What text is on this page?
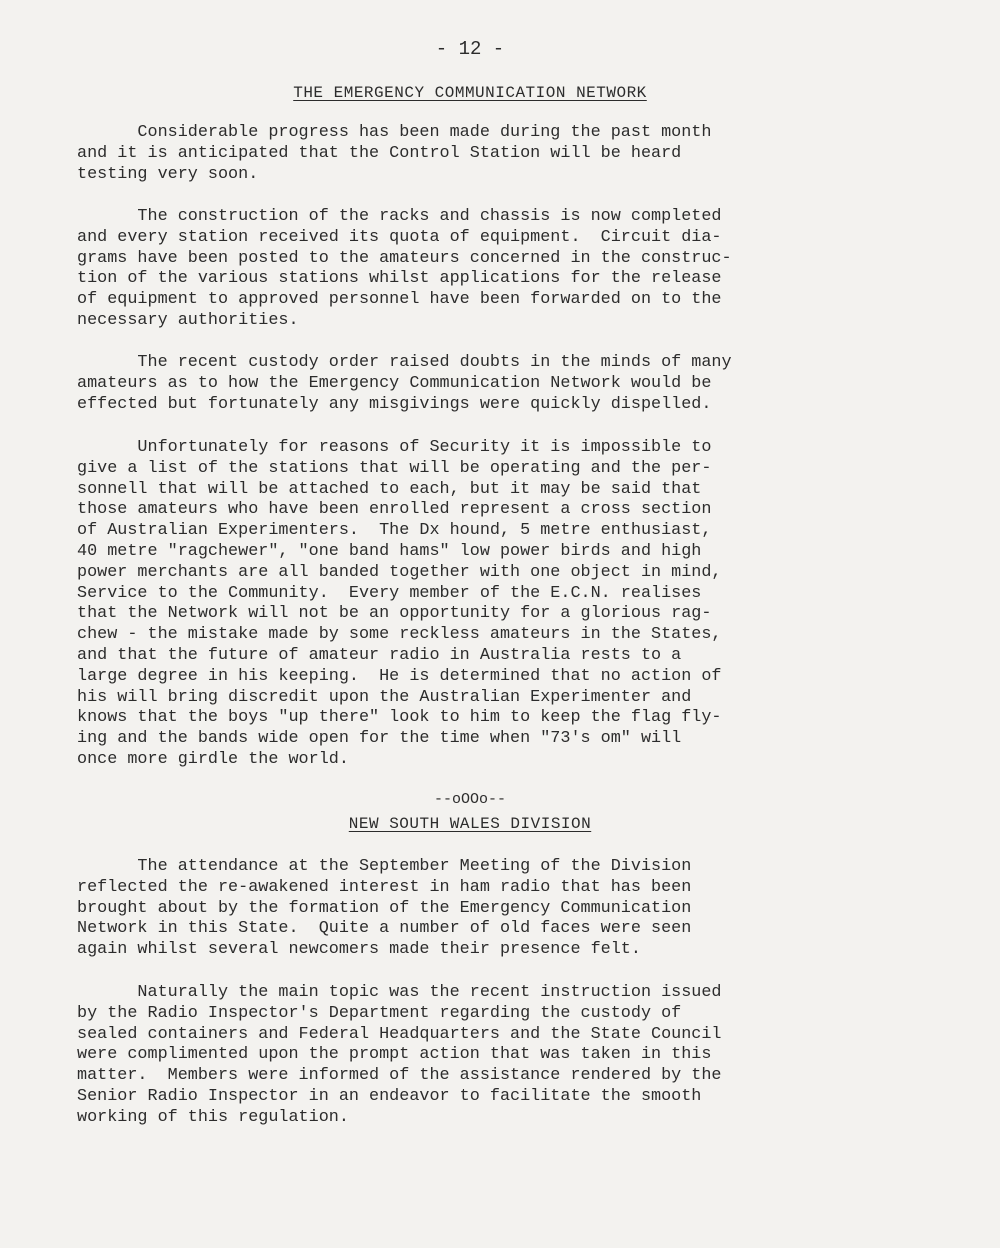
- 12 -
THE EMERGENCY COMMUNICATION NETWORK

Considerable progress has been made during the past month
and it is anticipated that the Control Station will be heard
testing very soon.

The construction of the racks and chassis is now completed
and every station received its quota of equipment.  Circuit dia-
grams have been posted to the amateurs concerned in the construc-
tion of the various stations whilst applications for the release
of equipment to approved personnel have been forwarded on to the
necessary authorities.

The recent custody order raised doubts in the minds of many
amateurs as to how the Emergency Communication Network would be
effected but fortunately any misgivings were quickly dispelled.

Unfortunately for reasons of Security it is impossible to
give a list of the stations that will be operating and the per-
sonnell that will be attached to each, but it may be said that
those amateurs who have been enrolled represent a cross section
of Australian Experimenters.  The Dx hound, 5 metre enthusiast,
40 metre "ragchewer", "one band hams" low power birds and high
power merchants are all banded together with one object in mind,
Service to the Community.  Every member of the E.C.N. realises
that the Network will not be an opportunity for a glorious rag-
chew - the mistake made by some reckless amateurs in the States,
and that the future of amateur radio in Australia rests to a
large degree in his keeping.  He is determined that no action of
his will bring discredit upon the Australian Experimenter and
knows that the boys "up there" look to him to keep the flag fly-
ing and the bands wide open for the time when "73's om" will
once more girdle the world.

--oOOo--
NEW SOUTH WALES DIVISION

The attendance at the September Meeting of the Division
reflected the re-awakened interest in ham radio that has been
brought about by the formation of the Emergency Communication
Network in this State.  Quite a number of old faces were seen
again whilst several newcomers made their presence felt.

Naturally the main topic was the recent instruction issued
by the Radio Inspector's Department regarding the custody of
sealed containers and Federal Headquarters and the State Council
were complimented upon the prompt action that was taken in this
matter.  Members were informed of the assistance rendered by the
Senior Radio Inspector in an endeavor to facilitate the smooth
working of this regulation.
